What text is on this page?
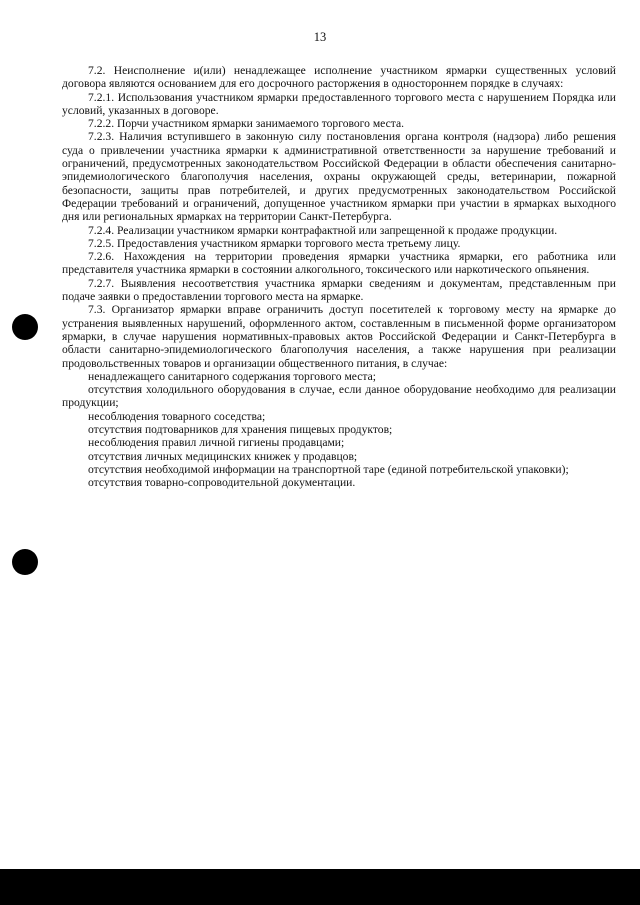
13

7.2. Неисполнение и(или) ненадлежащее исполнение участником ярмарки существенных условий договора являются основанием для его досрочного расторжения в одностороннем порядке в случаях:

7.2.1. Использования участником ярмарки предоставленного торгового места с нарушением Порядка или условий, указанных в договоре.

7.2.2. Порчи участником ярмарки занимаемого торгового места.

7.2.3. Наличия вступившего в законную силу постановления органа контроля (надзора) либо решения суда о привлечении участника ярмарки к административной ответственности за нарушение требований и ограничений, предусмотренных законодательством Российской Федерации в области обеспечения санитарно-эпидемиологического благополучия населения, охраны окружающей среды, ветеринарии, пожарной безопасности, защиты прав потребителей, и других предусмотренных законодательством Российской Федерации требований и ограничений, допущенное участником ярмарки при участии в ярмарках выходного дня или региональных ярмарках на территории Санкт-Петербурга.

7.2.4. Реализации участником ярмарки контрафактной или запрещенной к продаже продукции.

7.2.5. Предоставления участником ярмарки торгового места третьему лицу.

7.2.6. Нахождения на территории проведения ярмарки участника ярмарки, его работника или представителя участника ярмарки в состоянии алкогольного, токсического или наркотического опьянения.

7.2.7. Выявления несоответствия участника ярмарки сведениям и документам, представленным при подаче заявки о предоставлении торгового места на ярмарке.

7.3. Организатор ярмарки вправе ограничить доступ посетителей к торговому месту на ярмарке до устранения выявленных нарушений, оформленного актом, составленным в письменной форме организатором ярмарки, в случае нарушения нормативных-правовых актов Российской Федерации и Санкт-Петербурга в области санитарно-эпидемиологического благополучия населения, а также нарушения при реализации продовольственных товаров и организации общественного питания, в случае:

ненадлежащего санитарного содержания торгового места;

отсутствия холодильного оборудования в случае, если данное оборудование необходимо для реализации продукции;

несоблюдения товарного соседства;

отсутствия подтоварников для хранения пищевых продуктов;

несоблюдения правил личной гигиены продавцами;

отсутствия личных медицинских книжек у продавцов;

отсутствия необходимой информации на транспортной таре (единой потребительской упаковки);

отсутствия товарно-сопроводительной документации.
